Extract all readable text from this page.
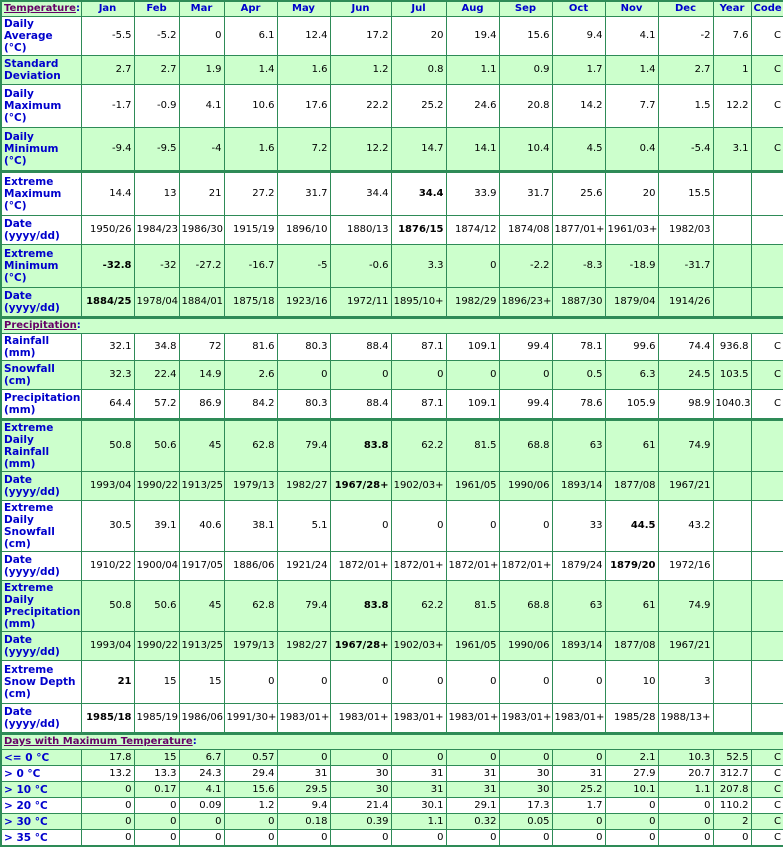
Temperature:	Jan	Feb	Mar	Apr	May	Jun	Jul	Aug	Sep	Oct	Nov	Dec	Year	Code
Daily Average (°C)	-5.5	-5.2	0	6.1	12.4	17.2	20	19.4	15.6	9.4	4.1	-2	7.6	C
Standard Deviation	2.7	2.7	1.9	1.4	1.6	1.2	0.8	1.1	0.9	1.7	1.4	2.7	1	C
Daily Maximum (°C)	-1.7	-0.9	4.1	10.6	17.6	22.2	25.2	24.6	20.8	14.2	7.7	1.5	12.2	C
Daily Minimum (°C)	-9.4	-9.5	-4	1.6	7.2	12.2	14.7	14.1	10.4	4.5	0.4	-5.4	3.1	C
Extreme Maximum (°C)	14.4	13	21	27.2	31.7	34.4	34.4	33.9	31.7	25.6	20	15.5		
Date (yyyy/dd)	1950/26	1984/23	1986/30	1915/19	1896/10	1880/13	1876/15	1874/12	1874/08	1877/01+	1961/03+	1982/03		
Extreme Minimum (°C)	-32.8	-32	-27.2	-16.7	-5	-0.6	3.3	0	-2.2	-8.3	-18.9	-31.7		
Date (yyyy/dd)	1884/25	1978/04	1884/01	1875/18	1923/16	1972/11	1895/10+	1982/29	1896/23+	1887/30	1879/04	1914/26		
Precipitation:														
Rainfall (mm)	32.1	34.8	72	81.6	80.3	88.4	87.1	109.1	99.4	78.1	99.6	74.4	936.8	C
Snowfall (cm)	32.3	22.4	14.9	2.6	0	0	0	0	0	0.5	6.3	24.5	103.5	C
Precipitation (mm)	64.4	57.2	86.9	84.2	80.3	88.4	87.1	109.1	99.4	78.6	105.9	98.9	1040.3	C
Extreme Daily Rainfall (mm)	50.8	50.6	45	62.8	79.4	83.8	62.2	81.5	68.8	63	61	74.9		
Date (yyyy/dd)	1993/04	1990/22	1913/25	1979/13	1982/27	1967/28+	1902/03+	1961/05	1990/06	1893/14	1877/08	1967/21		
Extreme Daily Snowfall (cm)	30.5	39.1	40.6	38.1	5.1	0	0	0	0	33	44.5	43.2		
Date (yyyy/dd)	1910/22	1900/04	1917/05	1886/06	1921/24	1872/01+	1872/01+	1872/01+	1872/01+	1879/24	1879/20	1972/16		
Extreme Daily Precipitation (mm)	50.8	50.6	45	62.8	79.4	83.8	62.2	81.5	68.8	63	61	74.9		
Date (yyyy/dd)	1993/04	1990/22	1913/25	1979/13	1982/27	1967/28+	1902/03+	1961/05	1990/06	1893/14	1877/08	1967/21		
Extreme Snow Depth (cm)	21	15	15	0	0	0	0	0	0	0	10	3		
Date (yyyy/dd)	1985/18	1985/19	1986/06	1991/30+	1983/01+	1983/01+	1983/01+	1983/01+	1983/01+	1983/01+	1985/28	1988/13+		
Days with Maximum Temperature:														
<= 0 °C	17.8	15	6.7	0.57	0	0	0	0	0	0	2.1	10.3	52.5	C
> 0 °C	13.2	13.3	24.3	29.4	31	30	31	31	30	31	27.9	20.7	312.7	C
> 10 °C	0	0.17	4.1	15.6	29.5	30	31	31	30	25.2	10.1	1.1	207.8	C
> 20 °C	0	0	0.09	1.2	9.4	21.4	30.1	29.1	17.3	1.7	0	0	110.2	C
> 30 °C	0	0	0	0	0.18	0.39	1.1	0.32	0.05	0	0	0	2	C
> 35 °C	0	0	0	0	0	0	0	0	0	0	0	0	0	C
